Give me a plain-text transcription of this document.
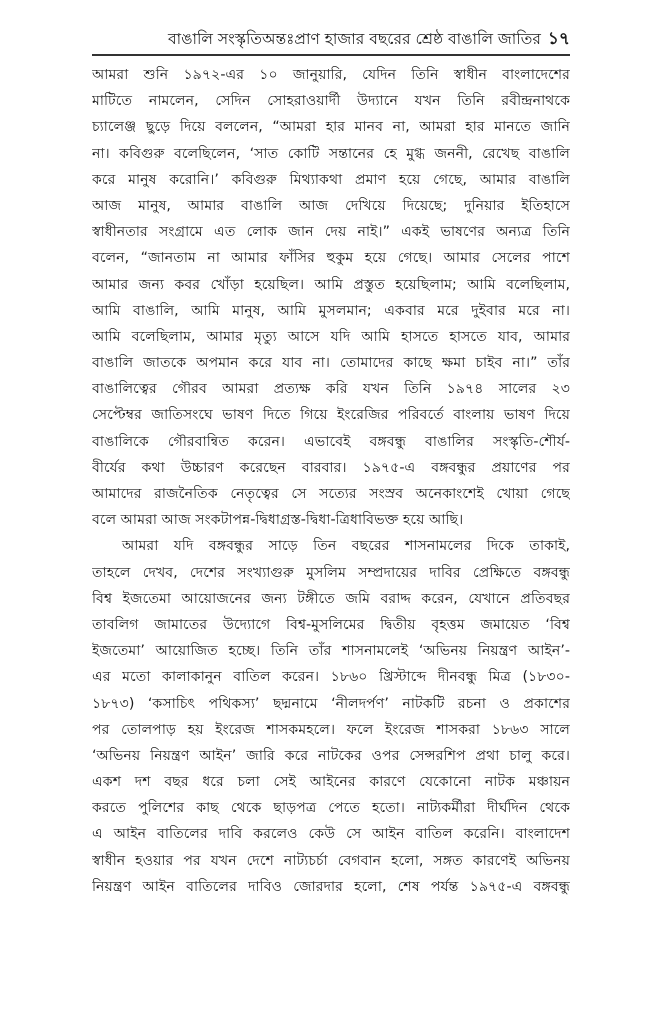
বাঙালি সংস্কৃতিঅন্তঃপ্রাণ হাজার বছরের শ্রেষ্ঠ বাঙালি জাতির ১৭
আমরা শুনি ১৯৭২-এর ১০ জানুয়ারি, যেদিন তিনি স্বাধীন বাংলাদেশের
মাটিতে নামলেন, সেদিন সোহরাওয়ার্দী উদ্যানে যখন তিনি রবীন্দ্রনাথকে
চ্যালেঞ্জ ছুড়ে দিয়ে বললেন, “আমরা হার মানব না, আমরা হার মানতে জানি
না। কবিগুরু বলেছিলেন, ‘সাত কোটি সন্তানের হে মুগ্ধ জননী, রেখেছ বাঙালি
করে মানুষ করোনি।’ কবিগুরু মিথ্যাকথা প্রমাণ হয়ে গেছে, আমার বাঙালি
আজ মানুষ, আমার বাঙালি আজ দেখিয়ে দিয়েছে; দুনিয়ার ইতিহাসে
স্বাধীনতার সংগ্রামে এত লোক জান দেয় নাই।” একই ভাষণের অন্যত্র তিনি
বলেন, “জানতাম না আমার ফাঁসির হুকুম হয়ে গেছে। আমার সেলের পাশে
আমার জন্য কবর খোঁড়া হয়েছিল। আমি প্রস্তুত হয়েছিলাম; আমি বলেছিলাম,
আমি বাঙালি, আমি মানুষ, আমি মুসলমান; একবার মরে দুইবার মরে না।
আমি বলেছিলাম, আমার মৃত্যু আসে যদি আমি হাসতে হাসতে যাব, আমার
বাঙালি জাতকে অপমান করে যাব না। তোমাদের কাছে ক্ষমা চাইব না।” তাঁর
বাঙালিত্বের গৌরব আমরা প্রত্যক্ষ করি যখন তিনি ১৯৭৪ সালের ২৩
সেপ্টেম্বর জাতিসংঘে ভাষণ দিতে গিয়ে ইংরেজির পরিবর্তে বাংলায় ভাষণ দিয়ে
বাঙালিকে গৌরবান্বিত করেন। এভাবেই বঙ্গবন্ধু বাঙালির সংস্কৃতি-শৌর্য-
বীর্যের কথা উচ্চারণ করেছেন বারবার। ১৯৭৫-এ বঙ্গবন্ধুর প্রয়াণের পর
আমাদের রাজনৈতিক নেতৃত্বের সে সত্যের সংস্রব অনেকাংশেই খোয়া গেছে
বলে আমরা আজ সংকটাপন্ন-দ্বিধাগ্রস্ত-দ্বিধা-ত্রিধাবিভক্ত হয়ে আছি।
আমরা যদি বঙ্গবন্ধুর সাড়ে তিন বছরের শাসনামলের দিকে তাকাই,
তাহলে দেখব, দেশের সংখ্যাগুরু মুসলিম সম্প্রদায়ের দাবির প্রেক্ষিতে বঙ্গবন্ধু
বিশ্ব ইজতেমা আয়োজনের জন্য টঙ্গীতে জমি বরাদ্দ করেন, যেখানে প্রতিবছর
তাবলিগ জামাতের উদ্যোগে বিশ্ব-মুসলিমের দ্বিতীয় বৃহত্তম জমায়েত ‘বিশ্ব
ইজতেমা’ আয়োজিত হচ্ছে। তিনি তাঁর শাসনামলেই ‘অভিনয় নিয়ন্ত্রণ আইন’-
এর মতো কালাকানুন বাতিল করেন। ১৮৬০ খ্রিস্টাব্দে দীনবন্ধু মিত্র (১৮৩০-
১৮৭৩) ‘কসাচিৎ পথিকস্য’ ছদ্মনামে ‘নীলদর্পণ’ নাটকটি রচনা ও প্রকাশের
পর তোলপাড় হয় ইংরেজ শাসকমহলে। ফলে ইংরেজ শাসকরা ১৮৬৩ সালে
‘অভিনয় নিয়ন্ত্রণ আইন’ জারি করে নাটকের ওপর সেন্সরশিপ প্রথা চালু করে।
একশ দশ বছর ধরে চলা সেই আইনের কারণে যেকোনো নাটক মঞ্চায়ন
করতে পুলিশের কাছ থেকে ছাড়পত্র পেতে হতো। নাট্যকর্মীরা দীর্ঘদিন থেকে
এ আইন বাতিলের দাবি করলেও কেউ সে আইন বাতিল করেনি। বাংলাদেশ
স্বাধীন হওয়ার পর যখন দেশে নাট্যচর্চা বেগবান হলো, সঙ্গত কারণেই অভিনয়
নিয়ন্ত্রণ আইন বাতিলের দাবিও জোরদার হলো, শেষ পর্যন্ত ১৯৭৫-এ বঙ্গবন্ধু
